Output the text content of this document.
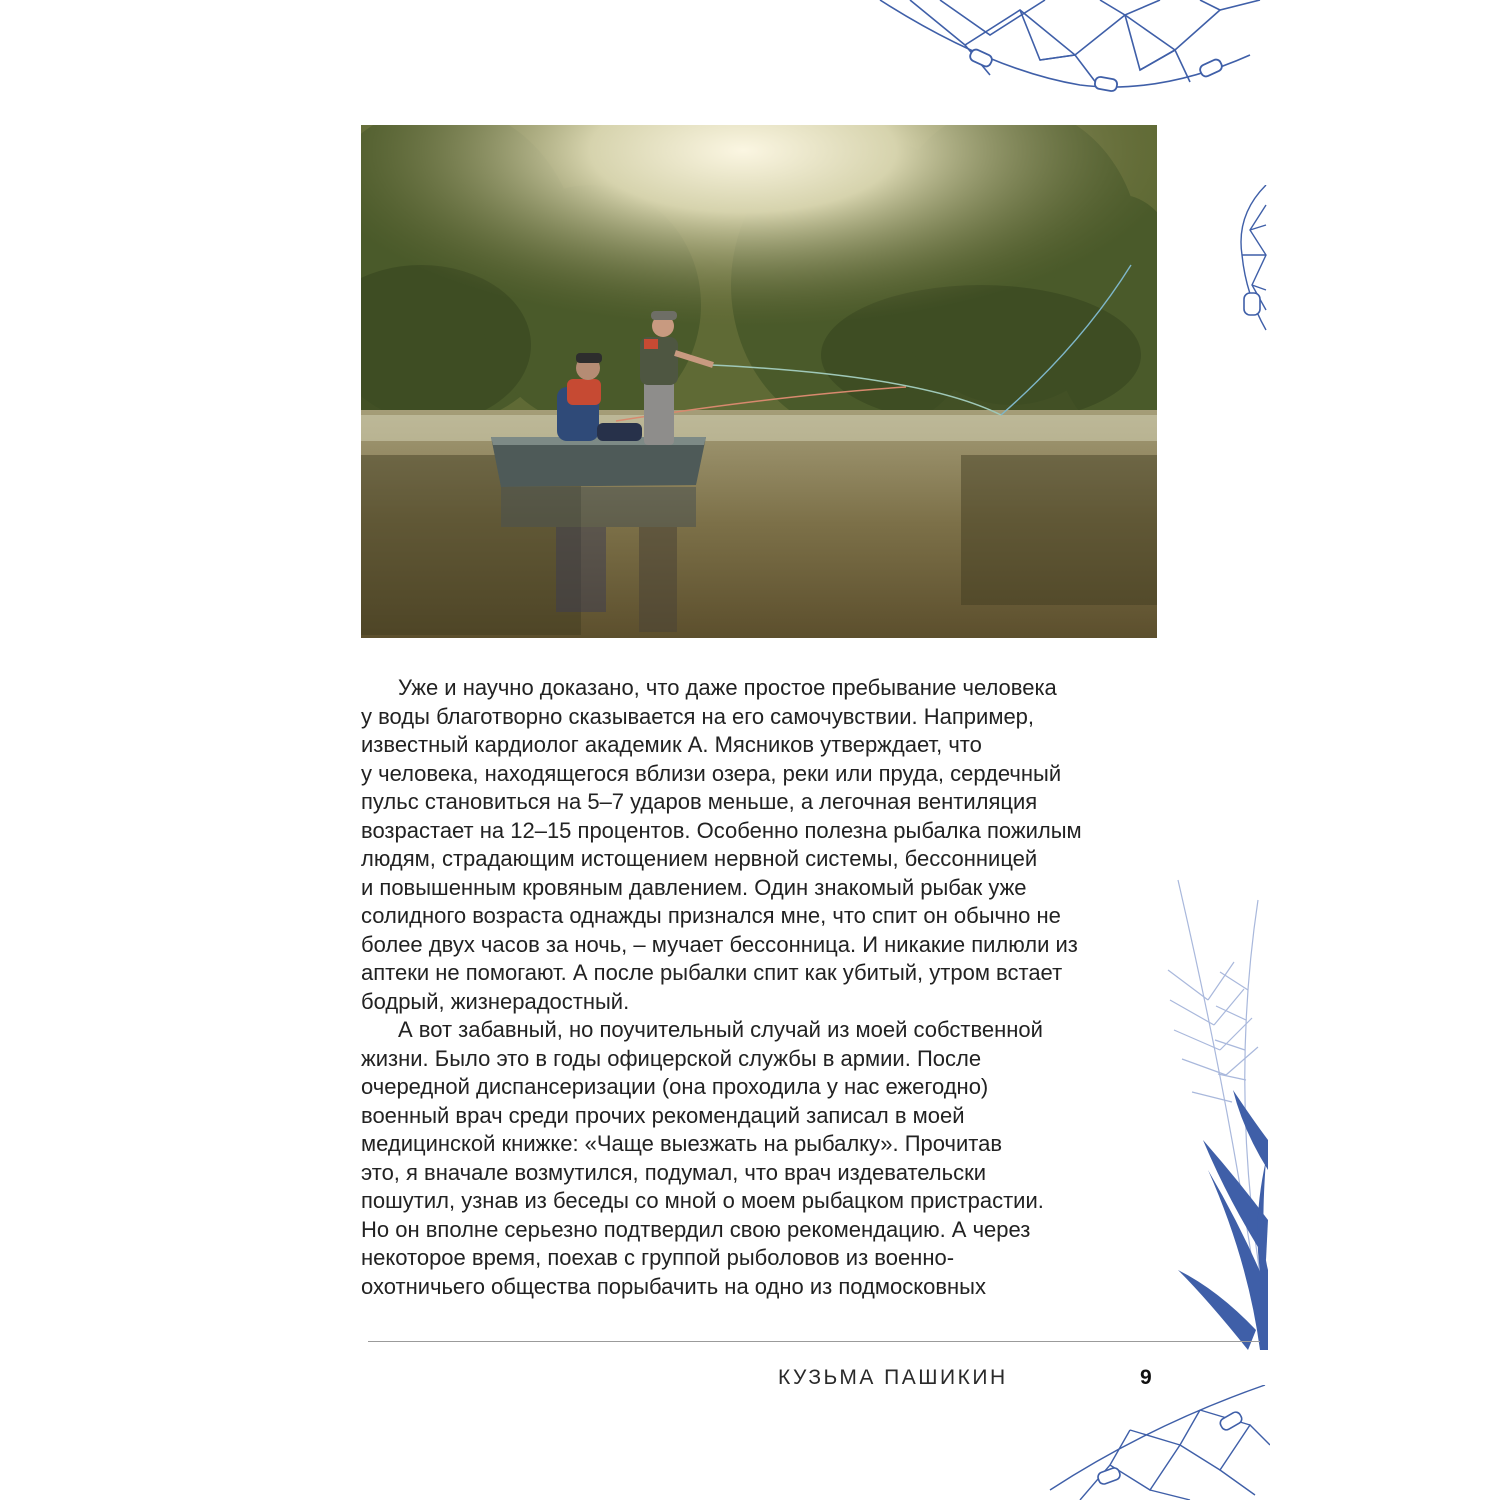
Уже и научно доказано, что даже простое пребывание человека
у воды благотворно сказывается на его самочувствии. Например,
известный кардиолог академик А. Мясников утверждает, что
у человека, находящегося вблизи озера, реки или пруда, сердечный
пульс становиться на 5–7 ударов меньше, а легочная вентиляция
возрастает на 12–15 процентов. Особенно полезна рыбалка пожилым
людям, страдающим истощением нервной системы, бессонницей
и повышенным кровяным давлением. Один знакомый рыбак уже
солидного возраста однажды признался мне, что спит он обычно не
более двух часов за ночь, – мучает бессонница. И никакие пилюли из
аптеки не помогают. А после рыбалки спит как убитый, утром встает
бодрый, жизнерадостный.

А вот забавный, но поучительный случай из моей собственной
жизни. Было это в годы офицерской службы в армии. После
очередной диспансеризации (она проходила у нас ежегодно)
военный врач среди прочих рекомендаций записал в моей
медицинской книжке: «Чаще выезжать на рыбалку». Прочитав
это, я вначале возмутился, подумал, что врач издевательски
пошутил, узнав из беседы со мной о моем рыбацком пристрастии.
Но он вполне серьезно подтвердил свою рекомендацию. А через
некоторое время, поехав с группой рыболовов из военно-
охотничьего общества порыбачить на одно из подмосковных

КУЗЬМА ПАШИКИН	9
